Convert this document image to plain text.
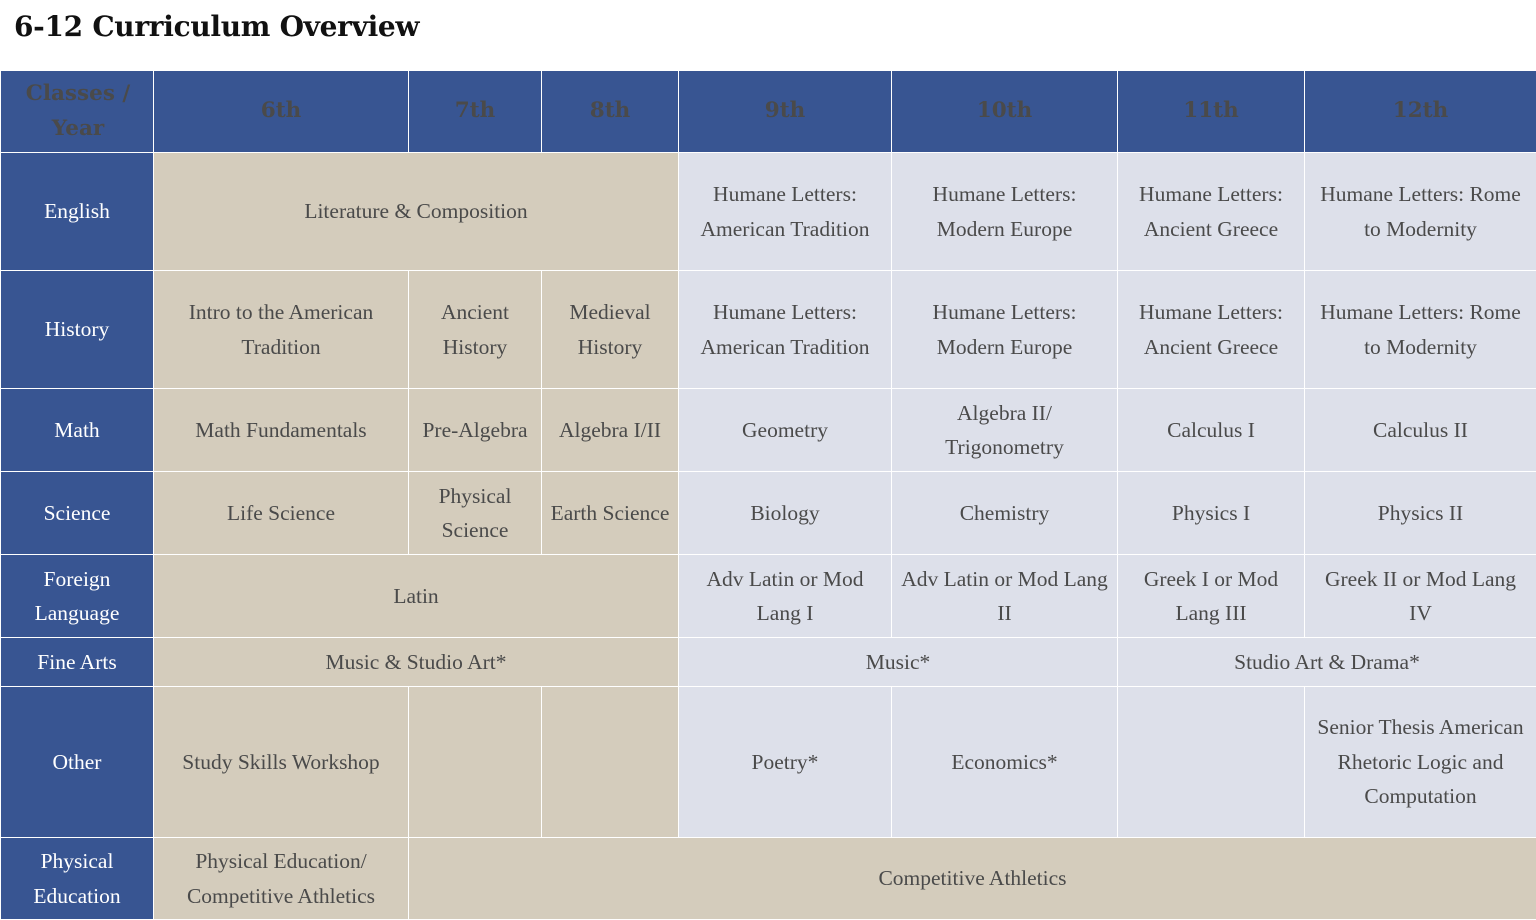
6-12 Curriculum Overview
Classes / Year	6th	7th	8th	9th	10th	11th	12th
English	Literature & Composition			Humane Letters: American Tradition	Humane Letters: Modern Europe	Humane Letters: Ancient Greece	Humane Letters: Rome to Modernity
History	Intro to the American Tradition	Ancient History	Medieval History	Humane Letters: American Tradition	Humane Letters: Modern Europe	Humane Letters: Ancient Greece	Humane Letters: Rome to Modernity
Math	Math Fundamentals	Pre-Algebra	Algebra I/II	Geometry	Algebra II/ Trigonometry	Calculus I	Calculus II
Science	Life Science	Physical Science	Earth Science	Biology	Chemistry	Physics I	Physics II
Foreign Language	Latin			Adv Latin or Mod Lang I	Adv Latin or Mod Lang II	Greek I or Mod Lang III	Greek II or Mod Lang IV
Fine Arts	Music & Studio Art*			Music*		Studio Art & Drama*	
Other	Study Skills Workshop			Poetry*	Economics*		Senior Thesis American Rhetoric Logic and Computation
Physical Education	Physical Education/ Competitive Athletics	Competitive Athletics					
